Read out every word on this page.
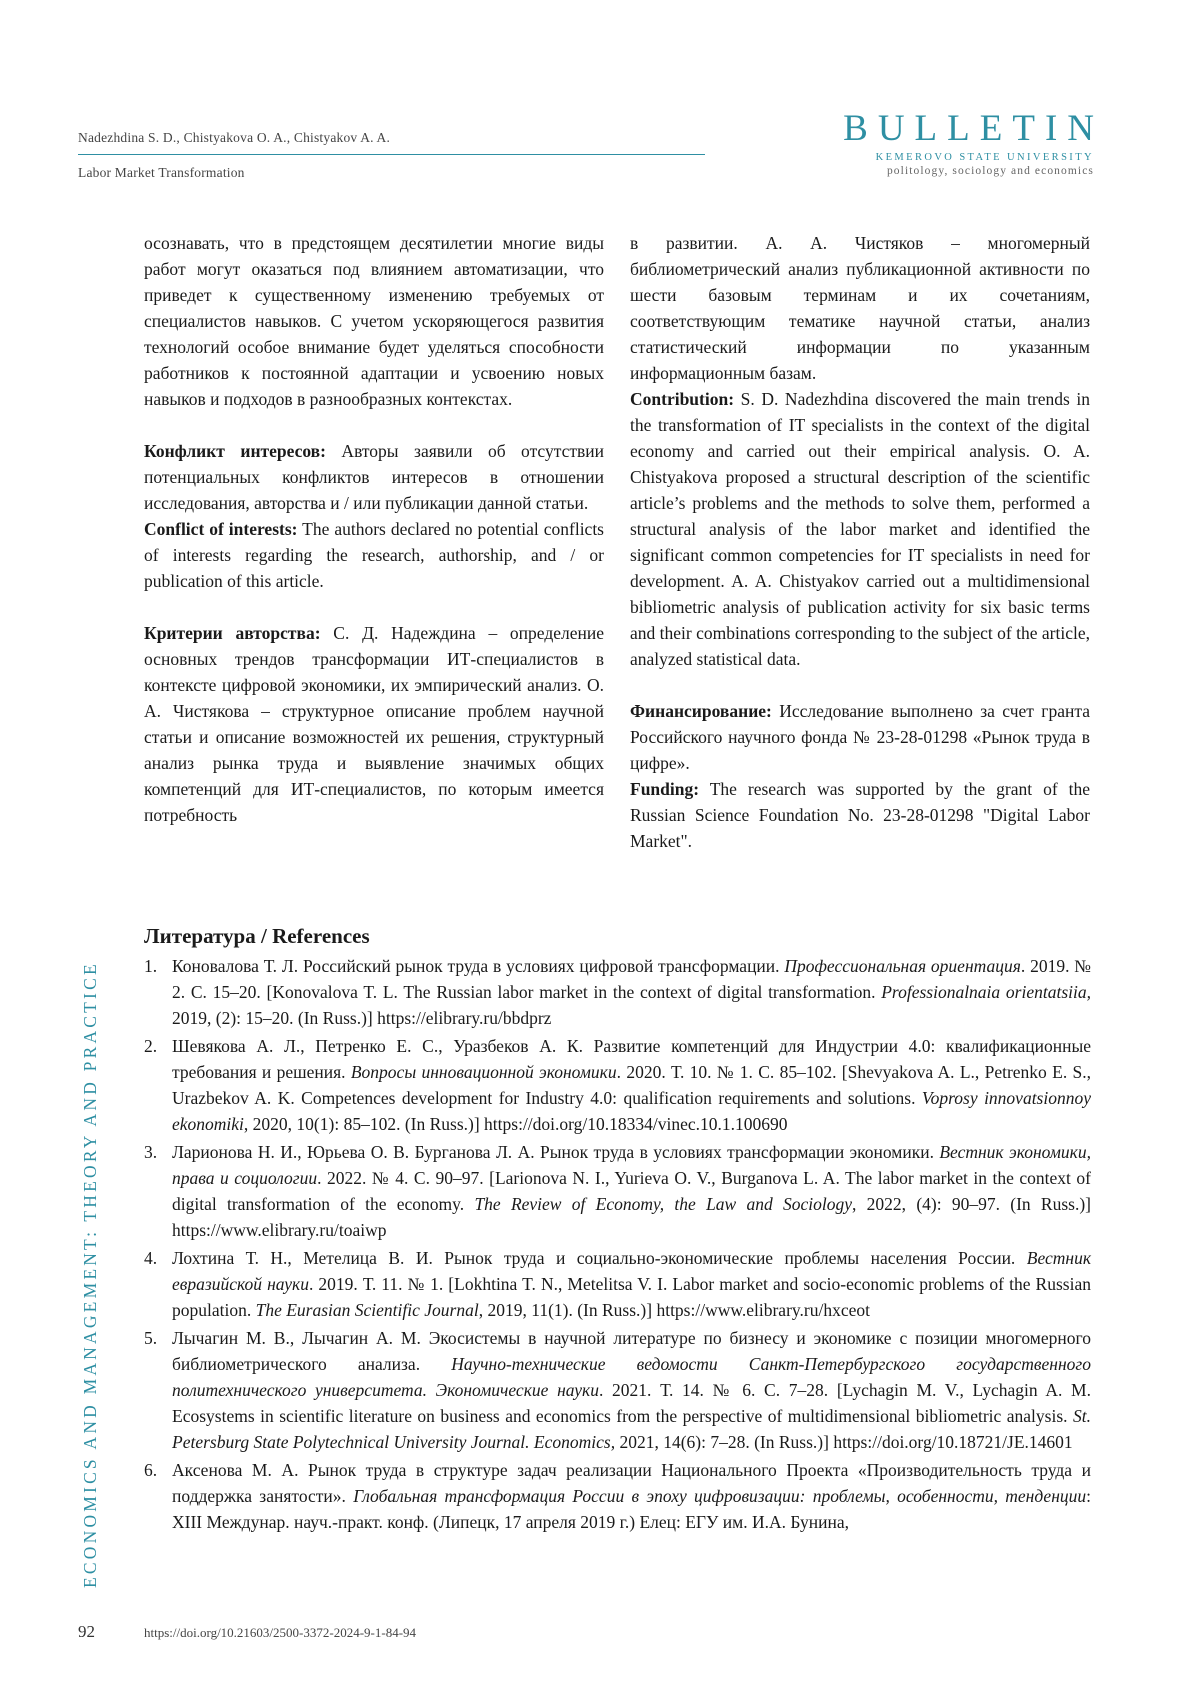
Nadezhdina S. D., Chistyakova O. A., Chistyakov A. A.
Labor Market Transformation
BULLETIN
KEMEROVO STATE UNIVERSITY
politology, sociology and economics
ECONOMICS AND MANAGEMENT: THEORY AND PRACTICE

осознавать, что в предстоящем десятилетии многие виды работ могут оказаться под влиянием автоматизации, что приведет к существенному изменению требуемых от специалистов навыков. С учетом ускоряющегося развития технологий особое внимание будет уделяться способности работников к постоянной адаптации и усвоению новых навыков и подходов в разнообразных контекстах.

Конфликт интересов: Авторы заявили об отсутствии потенциальных конфликтов интересов в отношении исследования, авторства и / или публикации данной статьи.

Conflict of interests: The authors declared no potential conflicts of interests regarding the research, authorship, and / or publication of this article.

Критерии авторства: С. Д. Надеждина – определение основных трендов трансформации ИТ-специалистов в контексте цифровой экономики, их эмпирический анализ. О. А. Чистякова – структурное описание проблем научной статьи и описание возможностей их решения, структурный анализ рынка труда и выявление значимых общих компетенций для ИТ-специалистов, по которым имеется потребность

в развитии. А. А. Чистяков – многомерный библиометрический анализ публикационной активности по шести базовым терминам и их сочетаниям, соответствующим тематике научной статьи, анализ статистический информации по указанным информационным базам.

Contribution: S. D. Nadezhdina discovered the main trends in the transformation of IT specialists in the context of the digital economy and carried out their empirical analysis. O. A. Chistyakova proposed a structural description of the scientific article’s problems and the methods to solve them, performed a structural analysis of the labor market and identified the significant common competencies for IT specialists in need for development. A. A. Chistyakov carried out a multidimensional bibliometric analysis of publication activity for six basic terms and their combinations corresponding to the subject of the article, analyzed statistical data.

Финансирование: Исследование выполнено за счет гранта Российского научного фонда № 23-28-01298 «Рынок труда в цифре».

Funding: The research was supported by the grant of the Russian Science Foundation No. 23-28-01298 "Digital Labor Market".

Литература / References
1. Коновалова Т. Л. Российский рынок труда в условиях цифровой трансформации. Профессиональная ориентация. 2019. № 2. С. 15–20. [Konovalova T. L. The Russian labor market in the context of digital transformation. Professionalnaia orientatsiia, 2019, (2): 15–20. (In Russ.)] https://elibrary.ru/bbdprz
2. Шевякова А. Л., Петренко Е. С., Уразбеков А. К. Развитие компетенций для Индустрии 4.0: квалификационные требования и решения. Вопросы инновационной экономики. 2020. Т. 10. № 1. С. 85–102. [Shevyakova A. L., Petrenko E. S., Urazbekov A. K. Competences development for Industry 4.0: qualification requirements and solutions. Voprosy innovatsionnoy ekonomiki, 2020, 10(1): 85–102. (In Russ.)] https://doi.org/10.18334/vinec.10.1.100690
3. Ларионова Н. И., Юрьева О. В. Бурганова Л. А. Рынок труда в условиях трансформации экономики. Вестник экономики, права и социологии. 2022. № 4. С. 90–97. [Larionova N. I., Yurieva O. V., Burganova L. A. The labor market in the context of digital transformation of the economy. The Review of Economy, the Law and Sociology, 2022, (4): 90–97. (In Russ.)] https://www.elibrary.ru/toaiwp
4. Лохтина Т. Н., Метелица В. И. Рынок труда и социально-экономические проблемы населения России. Вестник евразийской науки. 2019. Т. 11. № 1. [Lokhtina T. N., Metelitsa V. I. Labor market and socio-economic problems of the Russian population. The Eurasian Scientific Journal, 2019, 11(1). (In Russ.)] https://www.elibrary.ru/hxceot
5. Лычагин М. В., Лычагин А. М. Экосистемы в научной литературе по бизнесу и экономике с позиции многомерного библиометрического анализа. Научно-технические ведомости Санкт-Петербургского государственного политехнического университета. Экономические науки. 2021. Т. 14. № 6. С. 7–28. [Lychagin M. V., Lychagin A. M. Ecosystems in scientific literature on business and economics from the perspective of multidimensional bibliometric analysis. St. Petersburg State Polytechnical University Journal. Economics, 2021, 14(6): 7–28. (In Russ.)] https://doi.org/10.18721/JE.14601
6. Аксенова М. А. Рынок труда в структуре задач реализации Национального Проекта «Производительность труда и поддержка занятости». Глобальная трансформация России в эпоху цифровизации: проблемы, особенности, тенденции: XIII Междунар. науч.-практ. конф. (Липецк, 17 апреля 2019 г.) Елец: ЕГУ им. И.А. Бунина,
92	https://doi.org/10.21603/2500-3372-2024-9-1-84-94
